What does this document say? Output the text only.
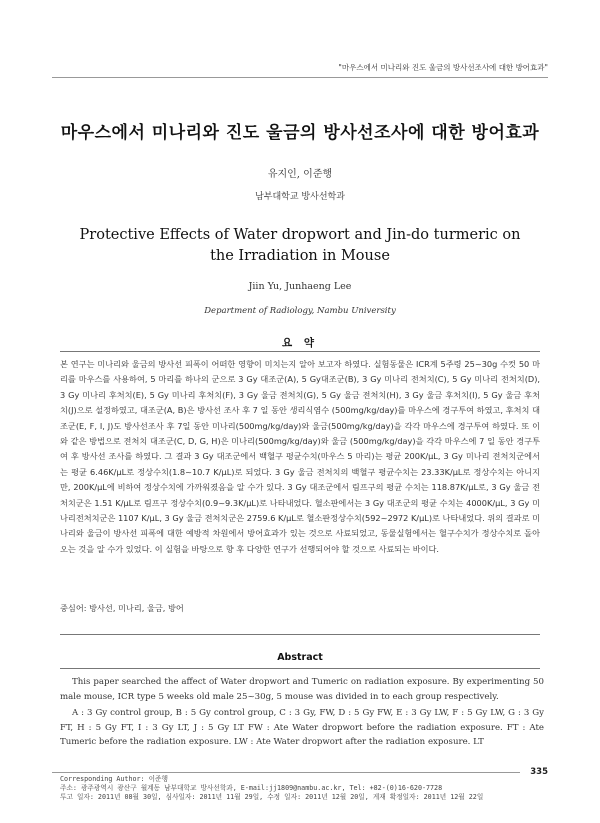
"마우스에서 미나리와 진도 울금의 방사선조사에 대한 방어효과"
마우스에서 미나리와 진도 울금의 방사선조사에 대한 방어효과
유지인, 이준행
남부대학교 방사선학과
Protective Effects of Water dropwort and Jin-do turmeric on the Irradiation in Mouse
Jiin Yu, Junhaeng Lee
Department of Radiology, Nambu University
요 약
본 연구는 미나리와 울금의 방사선 피폭이 어떠한 영향이 미치는지 알아 보고자 하였다. 실험동물은 ICR계 5주령 25~30g 수컷 50 마리를 마우스를 사용하여, 5 마리를 하나의 군으로 3 Gy 대조군(A), 5 Gy대조군(B), 3 Gy 미나리 전처치(C), 5 Gy 미나리 전처치(D), 3 Gy 미나리 후처치(E), 5 Gy 미나리 후처치(F), 3 Gy 울금 전처치(G), 5 Gy 울금 전처치(H), 3 Gy 울금 후처치(I), 5 Gy 울금 후처치(J)으로 설정하였고, 대조군(A, B)은 방사선 조사 후 7 일 동안 생리식염수 (500mg/kg/day)를 마우스에 경구투여 하였고, 후처치 대조군(E, F, I, J)도 방사선조사 후 7일 동안 미나리(500mg/kg/day)와 울금(500mg/kg/day)을 각각 마우스에 경구투여 하였다. 또 이와 같은 방법으로 전처치 대조군(C, D, G, H)은 미나리(500mg/kg/day)와 울금 (500mg/kg/day)을 각각 마우스에 7 일 동안 경구투여 후 방사선 조사를 하였다. 그 결과 3 Gy 대조군에서 백혈구 평균수치(마우스 5 마리)는 평균 200K/μL, 3 Gy 미나리 전처치군에서는 평균 6.46K/μL로 정상수치(1.8~10.7 K/μL)로 되었다. 3 Gy 울금 전처치의 백혈구 평균수치는 23.33K/μL로 정상수치는 아니지만, 200K/μL에 비하여 정상수치에 가까워졌음을 알 수가 있다. 3 Gy 대조군에서 림프구의 평균 수치는 118.87K/μL로, 3 Gy 울금 전처치군은 1.51 K/μL로 림프구 정상수치(0.9~9.3K/μL)로 나타내었다. 혈소판에서는 3 Gy 대조군의 평균 수치는 4000K/μL, 3 Gy 미나리전처치군은 1107 K/μL, 3 Gy 울금 전처치군은 2759.6 K/μL로 혈소판정상수치(592~2972 K/μL)로 나타내었다. 위의 결과로 미나리와 울금이 방사선 피폭에 대한 예방적 차원에서 방어효과가 있는 것으로 사료되었고, 동물실험에서는 혈구수치가 정상수치로 돌아오는 것을 알 수가 있었다. 이 실험을 바탕으로 향 후 다양한 연구가 선행되어야 할 것으로 사료되는 바이다.
중심어: 방사선, 미나리, 울금, 방어
Abstract

This paper searched the affect of Water dropwort and Tumeric on radiation exposure. By experimenting 50 male mouse, ICR type 5 weeks old male 25~30g, 5 mouse was divided in to each group respectively.

A : 3 Gy control group, B : 5 Gy control group, C : 3 Gy, FW, D : 5 Gy FW, E : 3 Gy LW, F : 5 Gy LW, G : 3 Gy FT, H : 5 Gy FT, I : 3 Gy LT, J : 5 Gy LT FW : Ate Water dropwort before the radiation exposure. FT : Ate Tumeric before the radiation exposure. LW : Ate Water dropwort after the radiation exposure. LT

335
Corresponding Author: 이준행
주소: 광주광역시 광산구 월계동 남부대학교 방사선학과, E-mail:jj1809@nambu.ac.kr, Tel: +82-(0)16-620-7728
투고 일자: 2011년 08월 30일, 심사일자: 2011년 11월 29일, 수정 일자: 2011년 12월 20일, 게재 확정일자: 2011년 12월 22일
